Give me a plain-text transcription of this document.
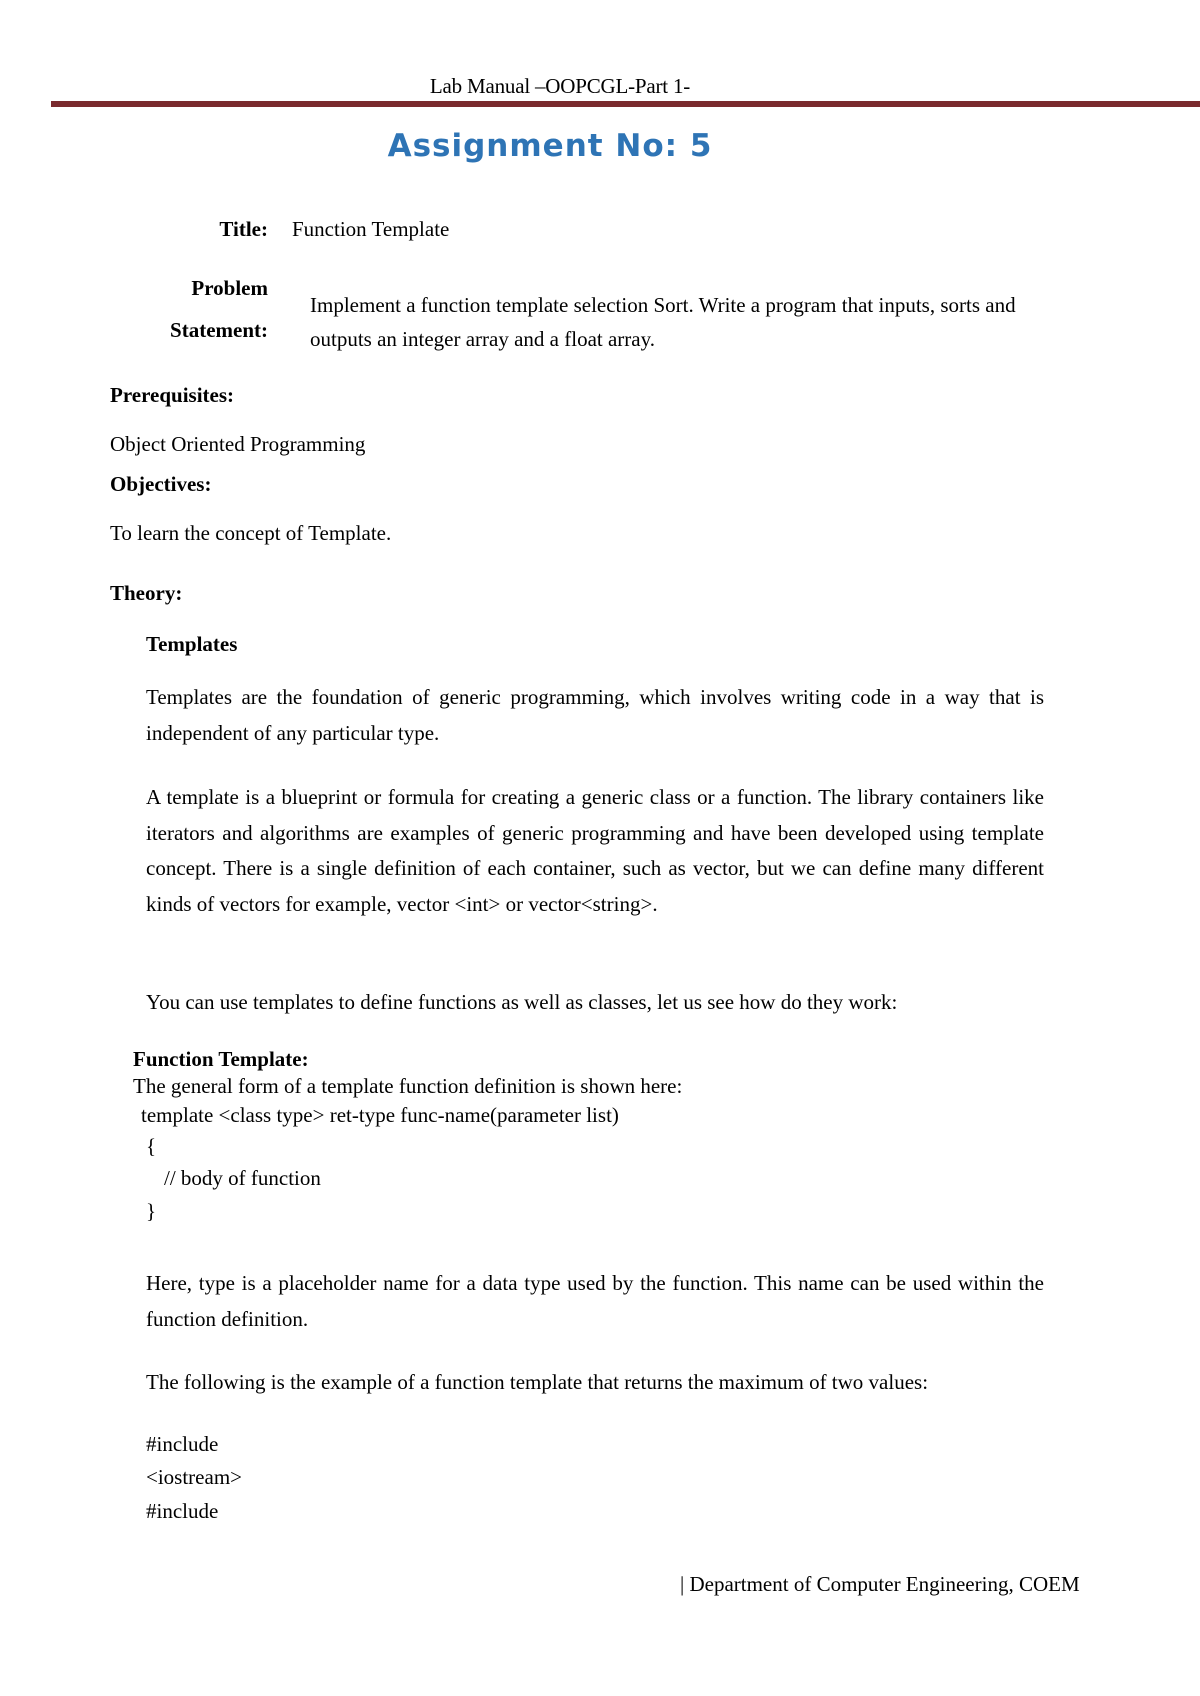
Lab Manual –OOPCGL-Part 1-
Assignment No: 5
Title: Function Template
Problem
Statement:
Implement a function template selection Sort. Write a program that inputs, sorts and outputs an integer array and a float array.
Prerequisites:
Object Oriented Programming
Objectives:
To learn the concept of Template.
Theory:
Templates
Templates are the foundation of generic programming, which involves writing code in a way that is independent of any particular type.
A template is a blueprint or formula for creating a generic class or a function. The library containers like iterators and algorithms are examples of generic programming and have been developed using template concept. There is a single definition of each container, such as vector, but we can define many different kinds of vectors for example, vector <int> or vector<string>.
You can use templates to define functions as well as classes, let us see how do they work:
Function Template:
The general form of a template function definition is shown here:
template <class type> ret-type func-name(parameter list)
{
// body of function
}
Here, type is a placeholder name for a data type used by the function. This name can be used within the function definition.
The following is the example of a function template that returns the maximum of two values:
#include
<iostream>
#include
| Department of Computer Engineering, COEM
